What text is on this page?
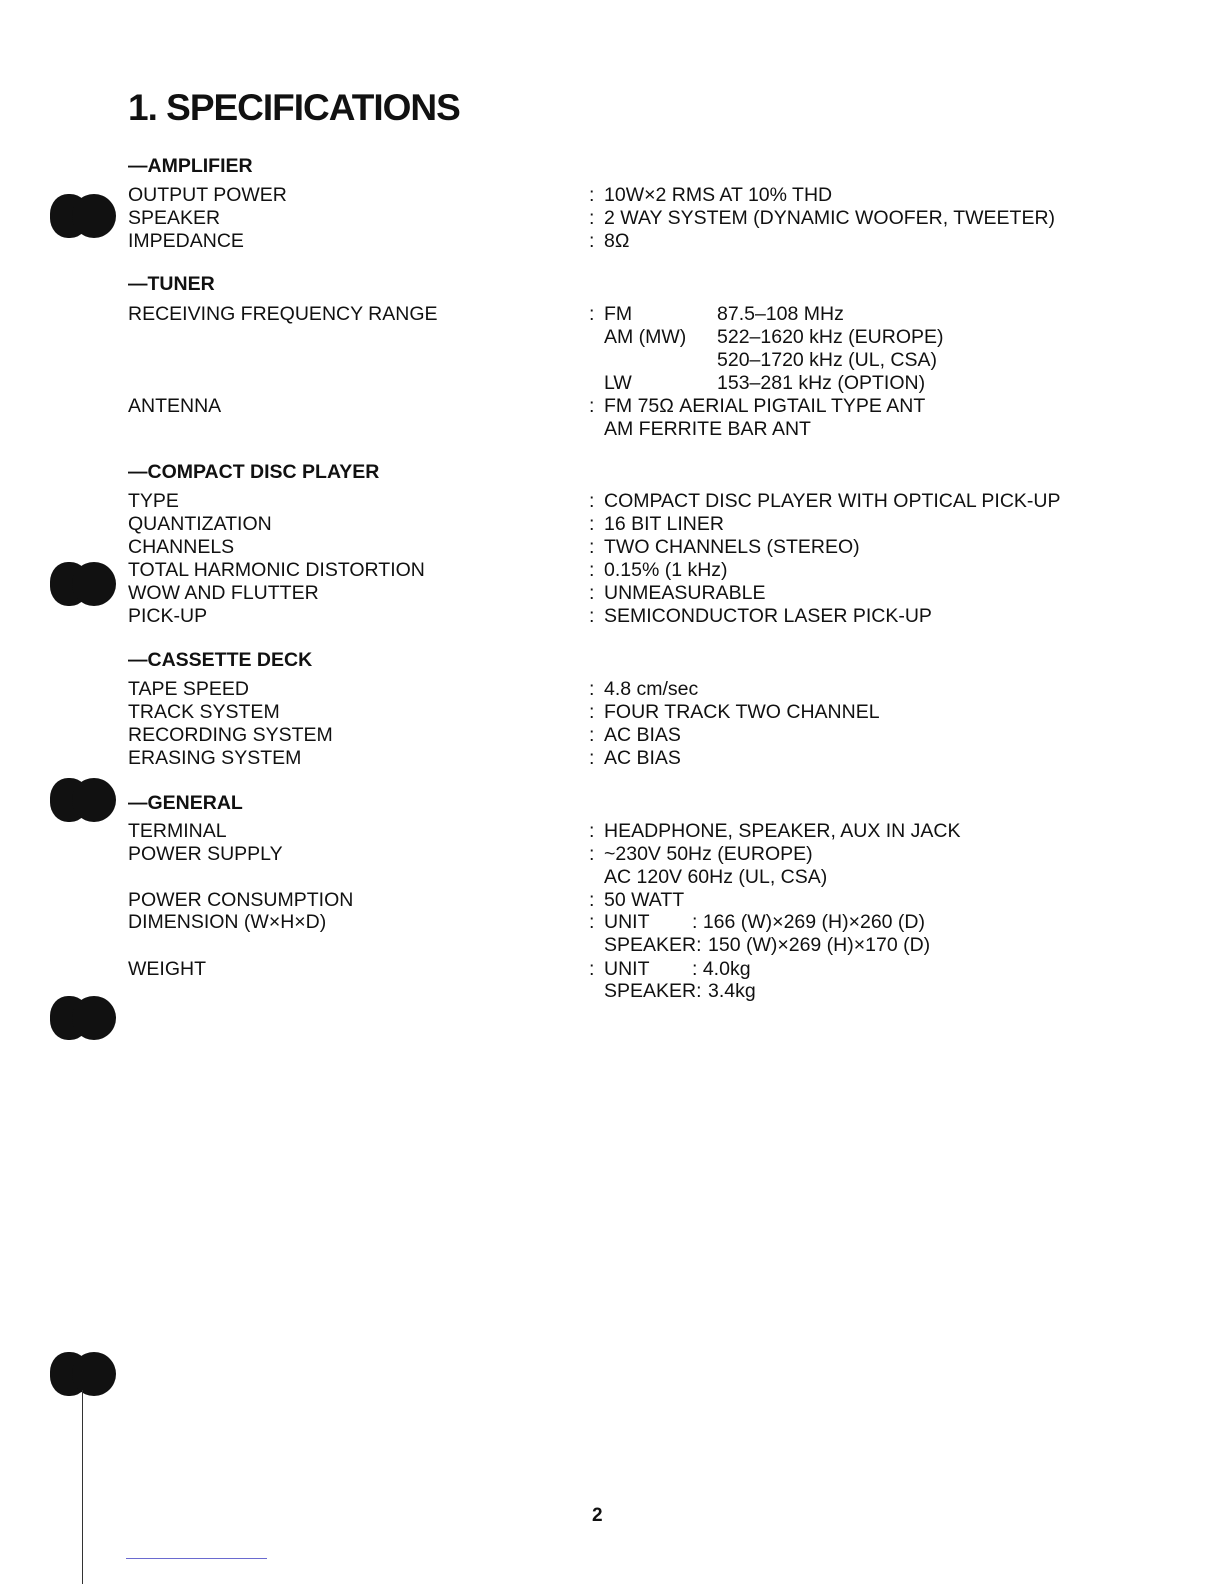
1. SPECIFICATIONS
—AMPLIFIER
OUTPUT POWER	: 10W×2 RMS AT 10% THD
SPEAKER	: 2 WAY SYSTEM (DYNAMIC WOOFER, TWEETER)
IMPEDANCE	: 8Ω
—TUNER
RECEIVING FREQUENCY RANGE	: FM	87.5–108 MHz
AM (MW) 522–1620 kHz (EUROPE)
520–1720 kHz (UL, CSA)
LW	153–281 kHz (OPTION)
ANTENNA	: FM 75Ω AERIAL PIGTAIL TYPE ANT
AM FERRITE BAR ANT
—COMPACT DISC PLAYER
TYPE	: COMPACT DISC PLAYER WITH OPTICAL PICK-UP
QUANTIZATION	: 16 BIT LINER
CHANNELS	: TWO CHANNELS (STEREO)
TOTAL HARMONIC DISTORTION	: 0.15% (1 kHz)
WOW AND FLUTTER	: UNMEASURABLE
PICK-UP	: SEMICONDUCTOR LASER PICK-UP
—CASSETTE DECK
TAPE SPEED	: 4.8 cm/sec
TRACK SYSTEM	: FOUR TRACK TWO CHANNEL
RECORDING SYSTEM	: AC BIAS
ERASING SYSTEM	: AC BIAS
—GENERAL
TERMINAL	: HEADPHONE, SPEAKER, AUX IN JACK
POWER SUPPLY	: ~230V 50Hz (EUROPE)
AC 120V 60Hz (UL, CSA)
POWER CONSUMPTION	: 50 WATT
DIMENSION (W×H×D)	: UNIT : 166 (W)×269 (H)×260 (D)
SPEAKER: 150 (W)×269 (H)×170 (D)
WEIGHT	: UNIT : 4.0kg
SPEAKER: 3.4kg
2
